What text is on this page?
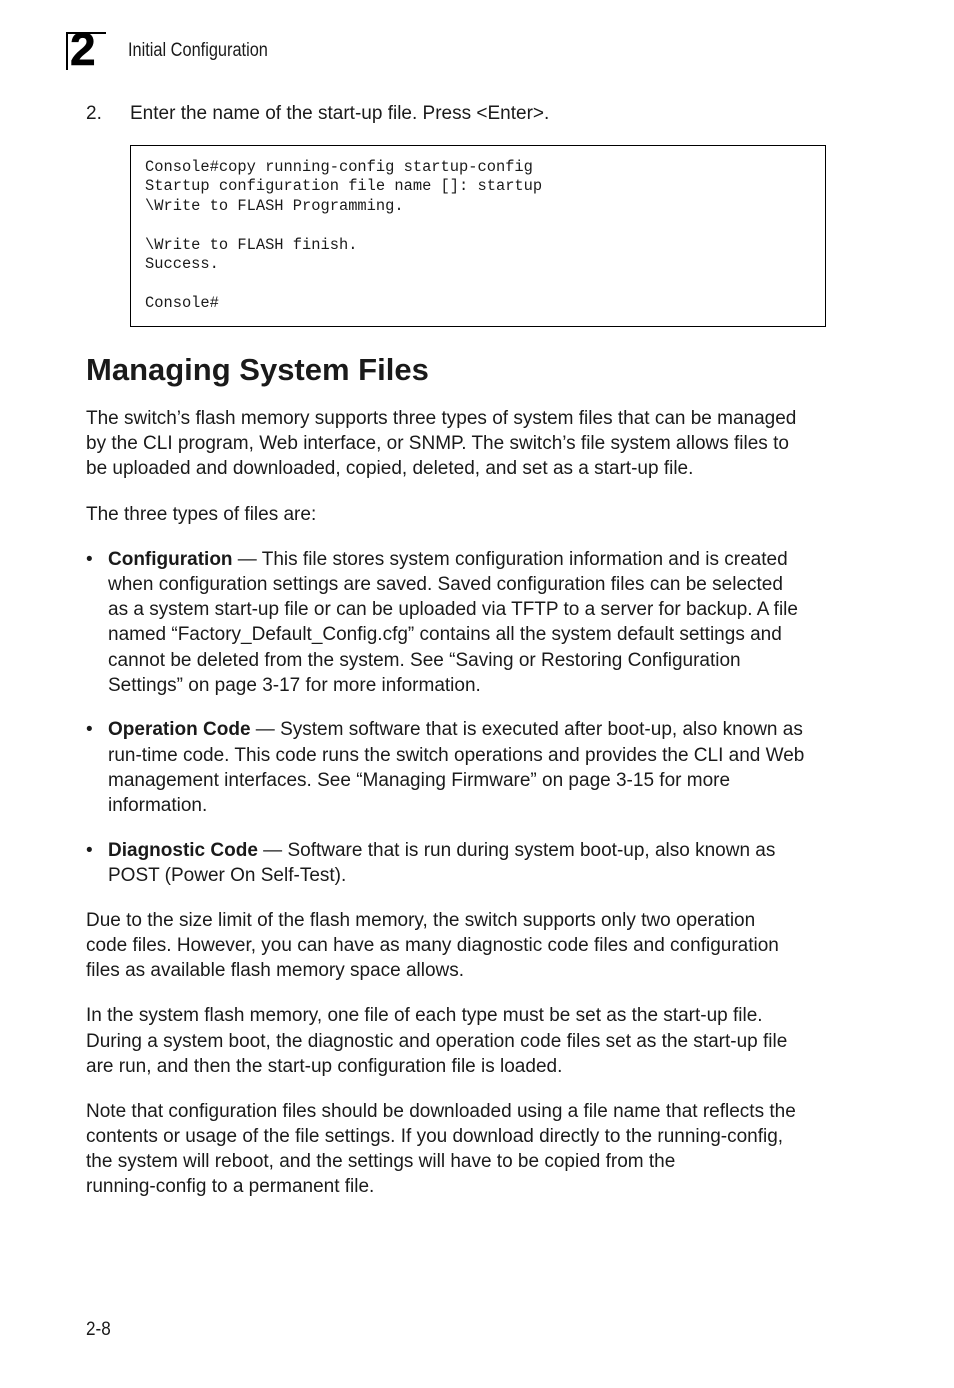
2 Initial Configuration
2. Enter the name of the start-up file. Press <Enter>.
Console#copy running-config startup-config
Startup configuration file name []: startup
\Write to FLASH Programming.
\Write to FLASH finish.
Success.
Console#
Managing System Files
The switch’s flash memory supports three types of system files that can be managed
by the CLI program, Web interface, or SNMP. The switch’s file system allows files to
be uploaded and downloaded, copied, deleted, and set as a start-up file.
The three types of files are:
• Configuration — This file stores system configuration information and is created
when configuration settings are saved. Saved configuration files can be selected
as a system start-up file or can be uploaded via TFTP to a server for backup. A file
named “Factory_Default_Config.cfg” contains all the system default settings and
cannot be deleted from the system. See “Saving or Restoring Configuration
Settings” on page 3-17 for more information.
• Operation Code — System software that is executed after boot-up, also known as
run-time code. This code runs the switch operations and provides the CLI and Web
management interfaces. See “Managing Firmware” on page 3-15 for more
information.
• Diagnostic Code — Software that is run during system boot-up, also known as
POST (Power On Self-Test).
Due to the size limit of the flash memory, the switch supports only two operation
code files. However, you can have as many diagnostic code files and configuration
files as available flash memory space allows.
In the system flash memory, one file of each type must be set as the start-up file.
During a system boot, the diagnostic and operation code files set as the start-up file
are run, and then the start-up configuration file is loaded.
Note that configuration files should be downloaded using a file name that reflects the
contents or usage of the file settings. If you download directly to the running-config,
the system will reboot, and the settings will have to be copied from the
running-config to a permanent file.
2-8
